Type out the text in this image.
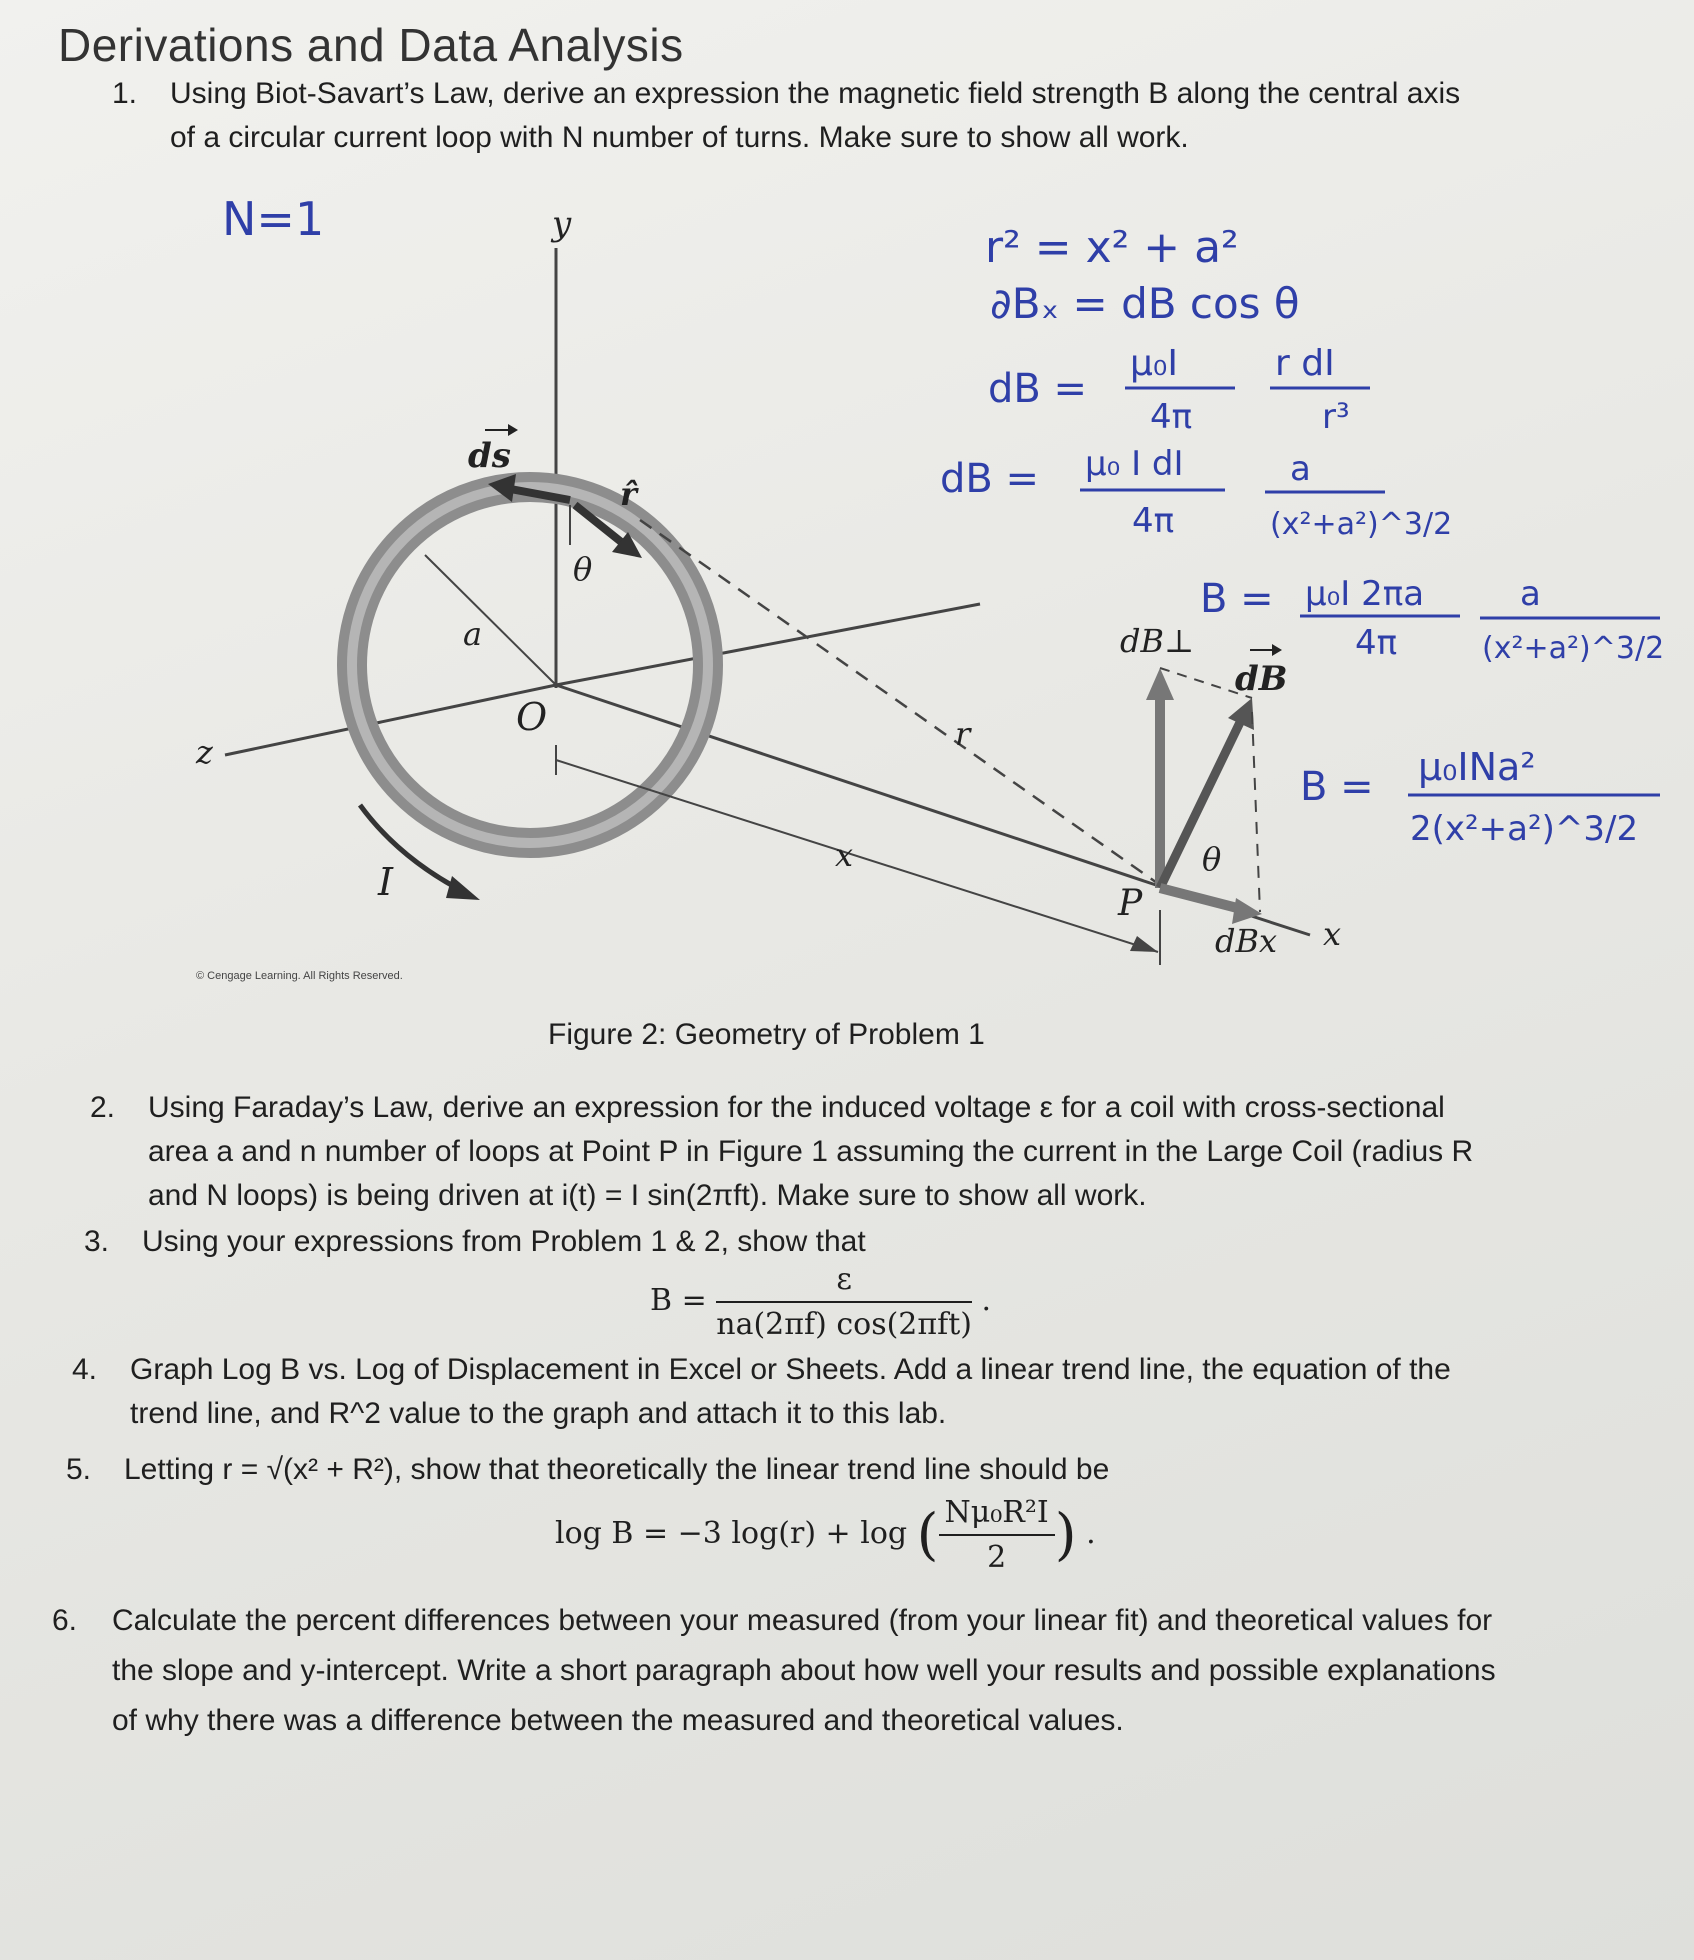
Derivations and Data Analysis
1. Using Biot-Savart’s Law, derive an expression the magnetic field strength B along the central axis of a circular current loop with N number of turns. Make sure to show all work.
y
z
x
x
r
a
O
P
I
θ
θ
ds
r̂
dB
dB⊥
dBx
N=1
r² = x² + a²
∂Bₓ = dB cos θ
dB =
μ₀I
4π
r dI
r³
dB = μ₀ I dI
4π
a
(x²+a²)^3/2
B = μ₀I 2πa
4π
a
(x²+a²)^3/2
B = μ₀INa²
2(x²+a²)^3/2
© Cengage Learning. All Rights Reserved.
Figure 2: Geometry of Problem 1
2. Using Faraday’s Law, derive an expression for the induced voltage ε for a coil with cross-sectional area a and n number of loops at Point P in Figure 1 assuming the current in the Large Coil (radius R and N loops) is being driven at i(t) = I sin(2πft). Make sure to show all work.
3. Using your expressions from Problem 1 & 2, show that
$B = \frac{\varepsilon}{\text{na(2πf) cos(2πft)}}$ .
4. Graph Log B vs. Log of Displacement in Excel or Sheets. Add a linear trend line, the equation of the trend line, and R^2 value to the graph and attach it to this lab.
5. Letting r = √(x² + R²), show that theoretically the linear trend line should be
log B = −3 log(r) + log ( $\frac{\text{Nμ₀R²I}}{2}$ ) .
6. Calculate the percent differences between your measured (from your linear fit) and theoretical values for the slope and y-intercept. Write a short paragraph about how well your results and possible explanations of why there was a difference between the measured and theoretical values.
